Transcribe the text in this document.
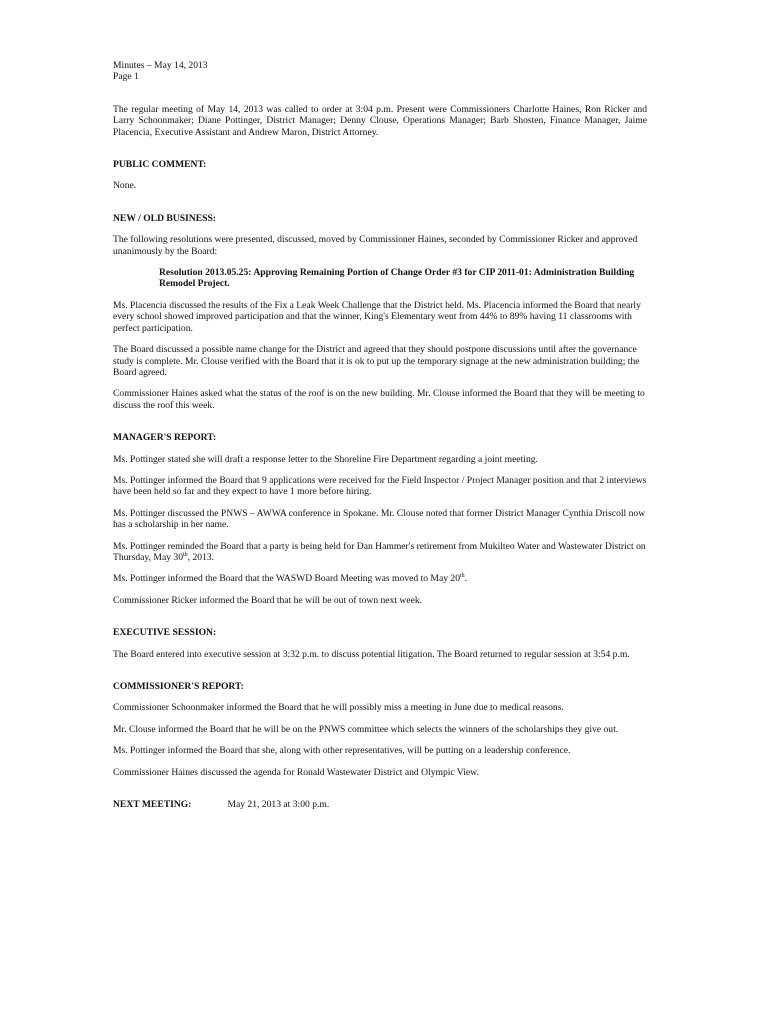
Minutes – May 14, 2013
Page 1

The regular meeting of May 14, 2013 was called to order at 3:04 p.m. Present were Commissioners Charlotte Haines, Ron Ricker and Larry Schoonmaker; Diane Pottinger, District Manager; Denny Clouse, Operations Manager; Barb Shosten, Finance Manager, Jaime Placencia, Executive Assistant and Andrew Maron, District Attorney.

PUBLIC COMMENT:

None.

NEW / OLD BUSINESS:

The following resolutions were presented, discussed, moved by Commissioner Haines, seconded by Commissioner Ricker and approved unanimously by the Board:

Resolution 2013.05.25: Approving Remaining Portion of Change Order #3 for CIP 2011-01: Administration Building Remodel Project.

Ms. Placencia discussed the results of the Fix a Leak Week Challenge that the District held. Ms. Placencia informed the Board that nearly every school showed improved participation and that the winner, King's Elementary went from 44% to 89% having 11 classrooms with perfect participation.

The Board discussed a possible name change for the District and agreed that they should postpone discussions until after the governance study is complete. Mr. Clouse verified with the Board that it is ok to put up the temporary signage at the new administration building; the Board agreed.

Commissioner Haines asked what the status of the roof is on the new building. Mr. Clouse informed the Board that they will be meeting to discuss the roof this week.

MANAGER'S REPORT:

Ms. Pottinger stated she will draft a response letter to the Shoreline Fire Department regarding a joint meeting.

Ms. Pottinger informed the Board that 9 applications were received for the Field Inspector / Project Manager position and that 2 interviews have been held so far and they expect to have 1 more before hiring.

Ms. Pottinger discussed the PNWS – AWWA conference in Spokane. Mr. Clouse noted that former District Manager Cynthia Driscoll now has a scholarship in her name.

Ms. Pottinger reminded the Board that a party is being held for Dan Hammer's retirement from Mukilteo Water and Wastewater District on Thursday, May 30th, 2013.

Ms. Pottinger informed the Board that the WASWD Board Meeting was moved to May 20th.

Commissioner Ricker informed the Board that he will be out of town next week.

EXECUTIVE SESSION:

The Board entered into executive session at 3:32 p.m. to discuss potential litigation. The Board returned to regular session at 3:54 p.m.

COMMISSIONER'S REPORT:

Commissioner Schoonmaker informed the Board that he will possibly miss a meeting in June due to medical reasons.

Mr. Clouse informed the Board that he will be on the PNWS committee which selects the winners of the scholarships they give out.

Ms. Pottinger informed the Board that she, along with other representatives, will be putting on a leadership conference.

Commissioner Haines discussed the agenda for Ronald Wastewater District and Olympic View.

NEXT MEETING:	May 21, 2013 at 3:00 p.m.
